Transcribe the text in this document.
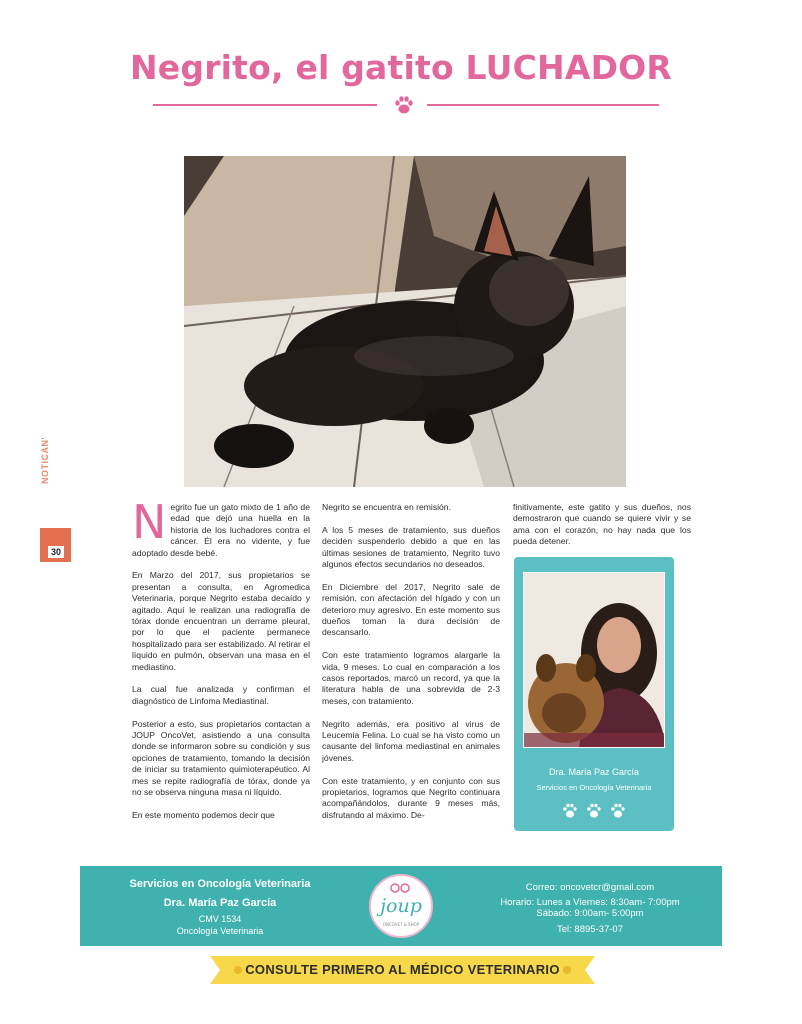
Negrito, el gatito LUCHADOR
NOTICAN'
30

Negrito fue un gato mixto de 1 año de edad que dejó una huella en la historia de los luchadores contra el cáncer. Él era no vidente, y fue adoptado desde bebé.

En Marzo del 2017, sus propietarios se presentan a consulta, en Agromedica Veterinaria, porque Negrito estaba decaído y agitado. Aquí le realizan una radiografía de tórax donde encuentran un derrame pleural, por lo que el paciente permanece hospitalizado para ser estabilizado. Al retirar el líquido en pulmón, observan una masa en el mediastino.

La cual fue analizada y confirman el diagnóstico de Linfoma Mediastinal.

Posterior a esto, sus propietarios contactan a JOUP OncoVet, asistiendo a una consulta donde se informaron sobre su condición y sus opciones de tratamiento, tomando la decisión de iniciar su tratamiento quimioterapéutico. Al mes se repite radiografía de tórax, donde ya no se observa ninguna masa ni líquido.

En este momento podemos decir que

Negrito se encuentra en remisión.

A los 5 meses de tratamiento, sus dueños deciden suspenderlo debido a que en las últimas sesiones de tratamiento, Negrito tuvo algunos efectos secundarios no deseados.

En Diciembre del 2017, Negrito sale de remisión, con afectación del hígado y con un deterioro muy agresivo. En este momento sus dueños toman la dura decisión de descansarlo.

Con este tratamiento logramos alargarle la vida, 9 meses. Lo cual en comparación a los casos reportados, marcó un record, ya que la literatura habla de una sobrevida de 2-3 meses, con tratamiento.

Negrito además, era positivo al virus de Leucemia Felina. Lo cual se ha visto como un causante del linfoma mediastinal en animales jóvenes.

Con este tratamiento, y en conjunto con sus propietarios, logramos que Negrito continuara acompañándolos, durante 9 meses más, disfrutando al máximo. De-

finitivamente, este gatito y sus dueños, nos demostraron que cuando se quiere vivir y se ama con el corazón, no hay nada que los pueda detener.

Dra. María Paz García
Servicios en Oncología Veterinaria
Servicios en Oncología Veterinaria
Dra. María Paz García
CMV 1534
Oncología Veterinaria
joup
ONCOVET & SHOP
Correo: oncovetcr@gmail.com
Horario: Lunes a Viernes: 8:30am- 7:00pm
Sábado: 9:00am- 5:00pm
Tel: 8895-37-07
CONSULTE PRIMERO AL MÉDICO VETERINARIO
